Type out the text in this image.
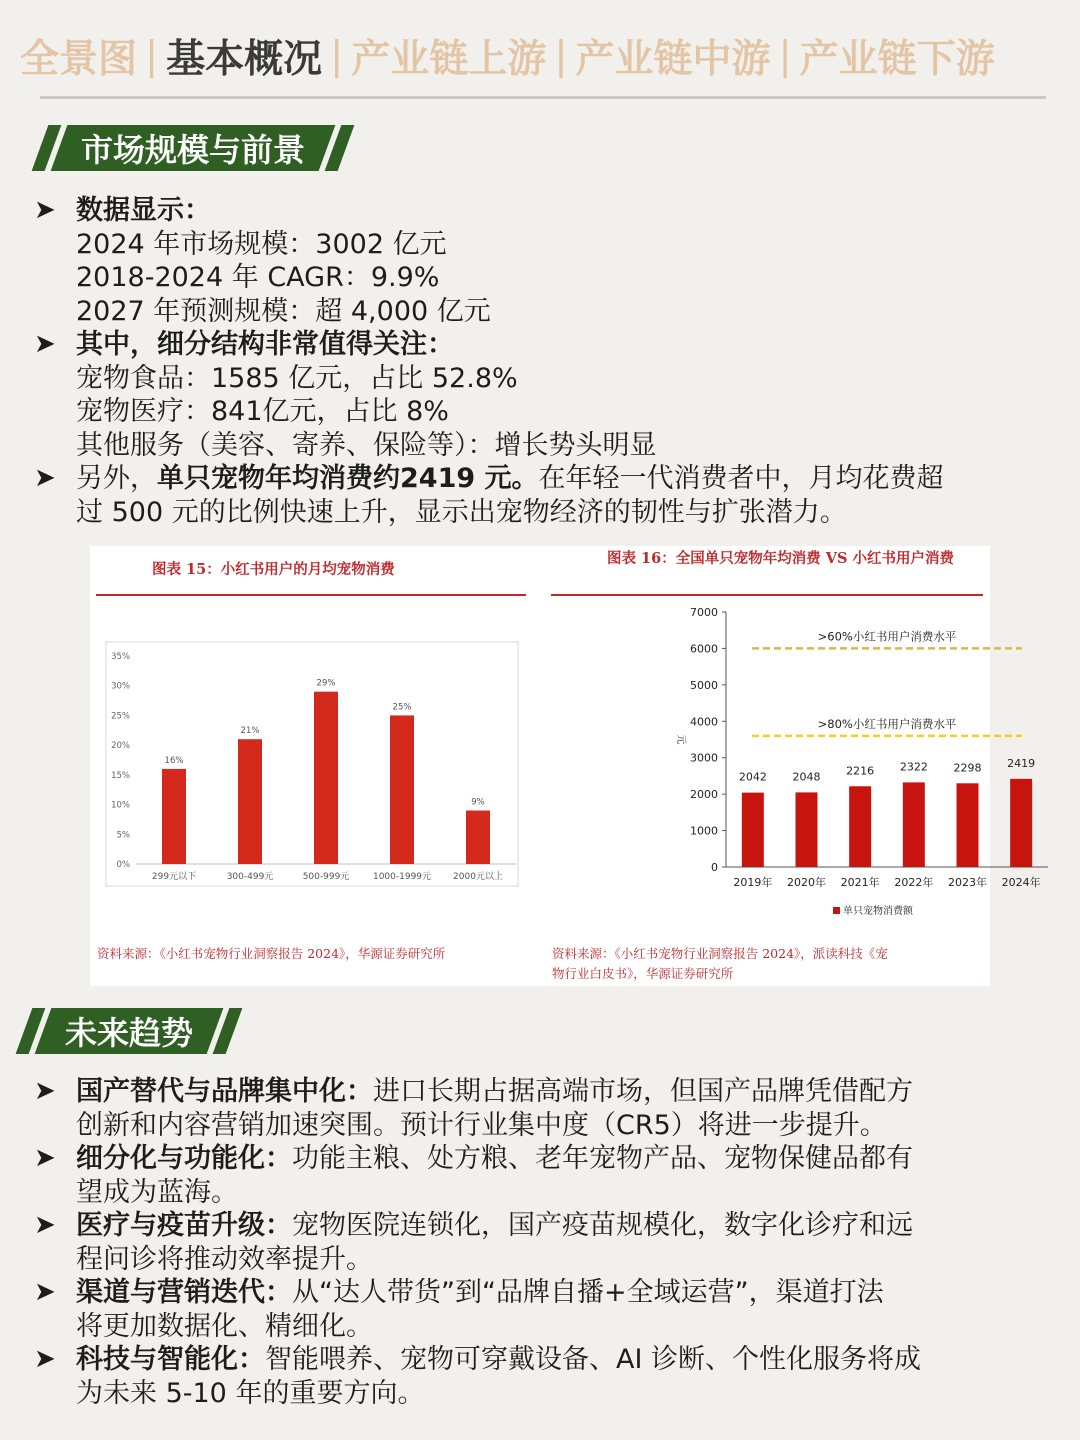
全景图 | 基本概况 | 产业链上游 | 产业链中游 | 产业链下游
市场规模与前景
➤ 数据显示：
2024 年市场规模：3002 亿元
2018-2024 年 CAGR：9.9%
2027 年预测规模：超 4,000 亿元
➤ 其中，细分结构非常值得关注：
宠物食品：1585 亿元，占比 52.8%
宠物医疗：841亿元，占比 8%
其他服务（美容、寄养、保险等）：增长势头明显
➤ 另外，单只宠物年均消费约2419 元。在年轻一代消费者中，月均花费超
过 500 元的比例快速上升，显示出宠物经济的韧性与扩张潜力。
图表 15：小红书用户的月均宠物消费
图表 16：全国单只宠物年均消费 VS 小红书用户消费
0%
5%
10%
15%
20%
25%
30%
35%
16%
299元以下
21%
300-499元
29%
500-999元
25%
1000-1999元
9%
2000元以上
0
1000
2000
3000
4000
5000
6000
7000
元
>60%小红书用户消费水平
>80%小红书用户消费水平
2042
2019年
2048
2020年
2216
2021年
2322
2022年
2298
2023年
2419
2024年
单只宠物消费额
资料来源：《小红书宠物行业洞察报告 2024》，华源证券研究所	资料来源：《小红书宠物行业洞察报告 2024》，派读科技《宠
物行业白皮书》，华源证券研究所
未来趋势
➤ 国产替代与品牌集中化：进口长期占据高端市场，但国产品牌凭借配方
创新和内容营销加速突围。预计行业集中度（CR5）将进一步提升。
➤ 细分化与功能化：功能主粮、处方粮、老年宠物产品、宠物保健品都有
望成为蓝海。
➤ 医疗与疫苗升级：宠物医院连锁化，国产疫苗规模化，数字化诊疗和远
程问诊将推动效率提升。
➤ 渠道与营销迭代：从“达人带货”到“品牌自播+全域运营”，渠道打法
将更加数据化、精细化。
➤ 科技与智能化：智能喂养、宠物可穿戴设备、AI 诊断、个性化服务将成
为未来 5-10 年的重要方向。
